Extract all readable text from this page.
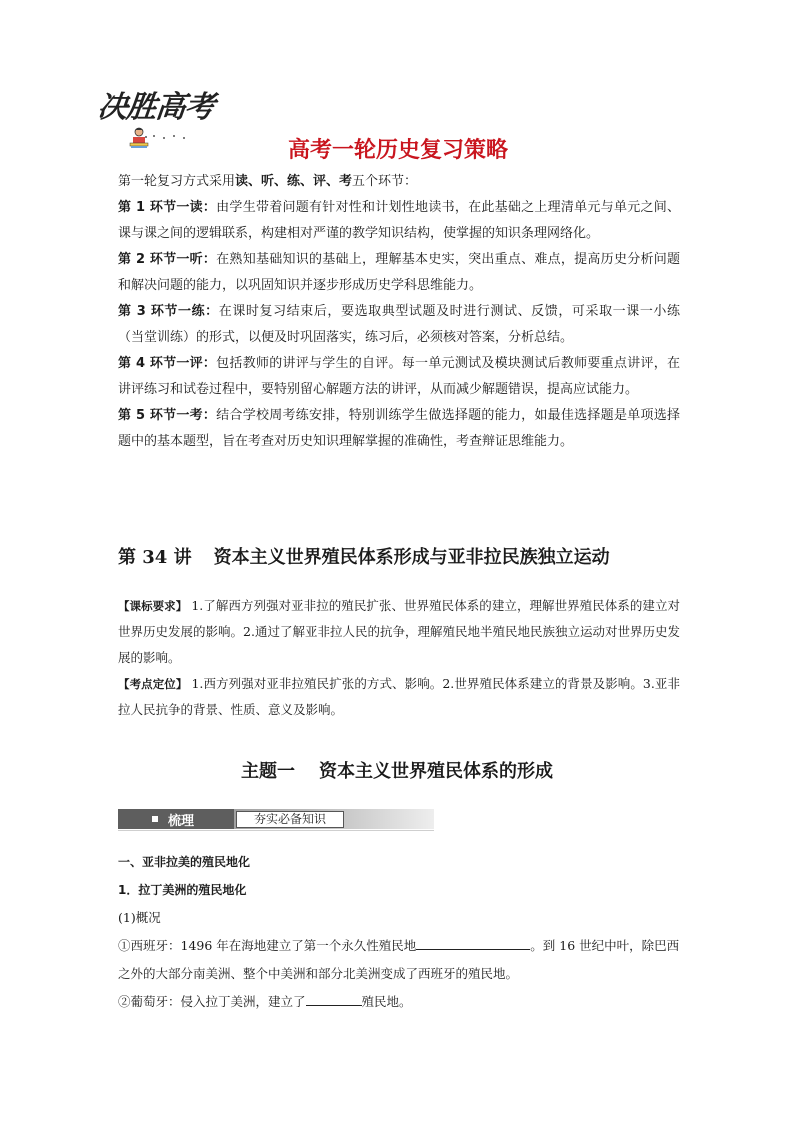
决胜高考
高考一轮历史复习策略

第一轮复习方式采用读、听、练、评、考五个环节：

第 1 环节一读：由学生带着问题有针对性和计划性地读书，在此基础之上理清单元与单元之间、课与课之间的逻辑联系，构建相对严谨的教学知识结构，使掌握的知识条理网络化。

第 2 环节一听：在熟知基础知识的基础上，理解基本史实，突出重点、难点，提高历史分析问题和解决问题的能力，以巩固知识并逐步形成历史学科思维能力。

第 3 环节一练：在课时复习结束后，要选取典型试题及时进行测试、反馈，可采取一课一小练（当堂训练）的形式，以便及时巩固落实，练习后，必须核对答案，分析总结。

第 4 环节一评：包括教师的讲评与学生的自评。每一单元测试及模块测试后教师要重点讲评，在讲评练习和试卷过程中，要特别留心解题方法的讲评，从而减少解题错误，提高应试能力。

第 5 环节一考：结合学校周考练安排，特别训练学生做选择题的能力，如最佳选择题是单项选择题中的基本题型，旨在考查对历史知识理解掌握的准确性，考查辩证思维能力。

第 34 讲 资本主义世界殖民体系形成与亚非拉民族独立运动

【课标要求】 1.了解西方列强对亚非拉的殖民扩张、世界殖民体系的建立，理解世界殖民体系的建立对世界历史发展的影响。2.通过了解亚非拉人民的抗争，理解殖民地半殖民地民族独立运动对世界历史发展的影响。

【考点定位】 1.西方列强对亚非拉殖民扩张的方式、影响。2.世界殖民体系建立的背景及影响。3.亚非拉人民抗争的背景、性质、意义及影响。

主题一 资本主义世界殖民体系的形成
梳理	夯实必备知识

一、亚非拉美的殖民地化

1．拉丁美洲的殖民地化

(1)概况

①西班牙：1496 年在海地建立了第一个永久性殖民地	。到 16 世纪中叶，除巴西之外的大部分南美洲、整个中美洲和部分北美洲变成了西班牙的殖民地。

②葡萄牙：侵入拉丁美洲，建立了	殖民地。
